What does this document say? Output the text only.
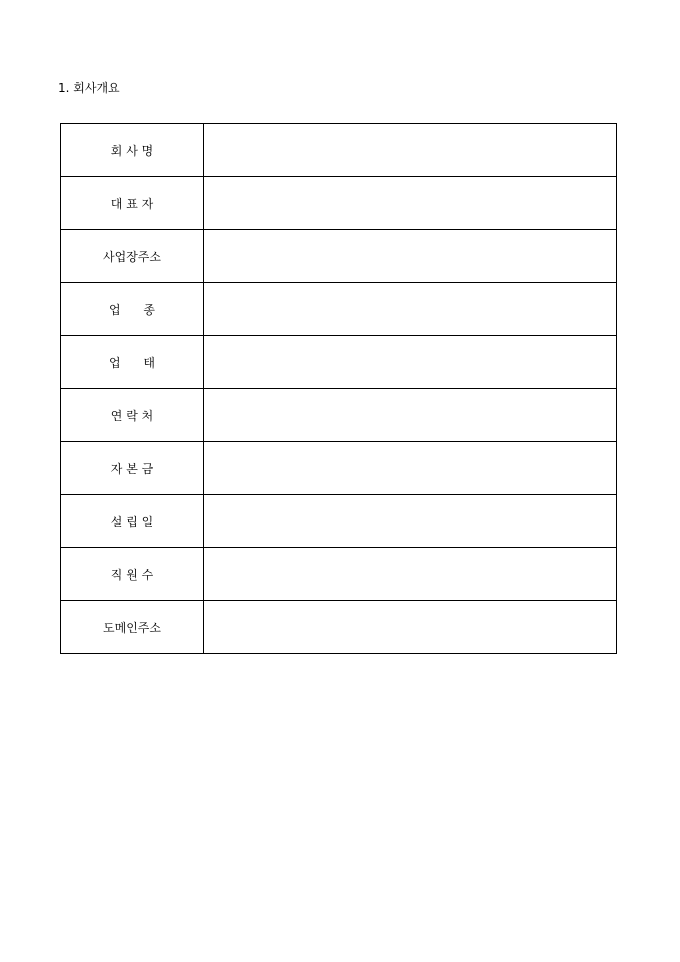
1. 회사개요
회 사 명	
대 표 자	
사업장주소	
업      종	
업      태	
연 락 처	
자 본 금	
설 립 일	
직 원 수	
도메인주소	
